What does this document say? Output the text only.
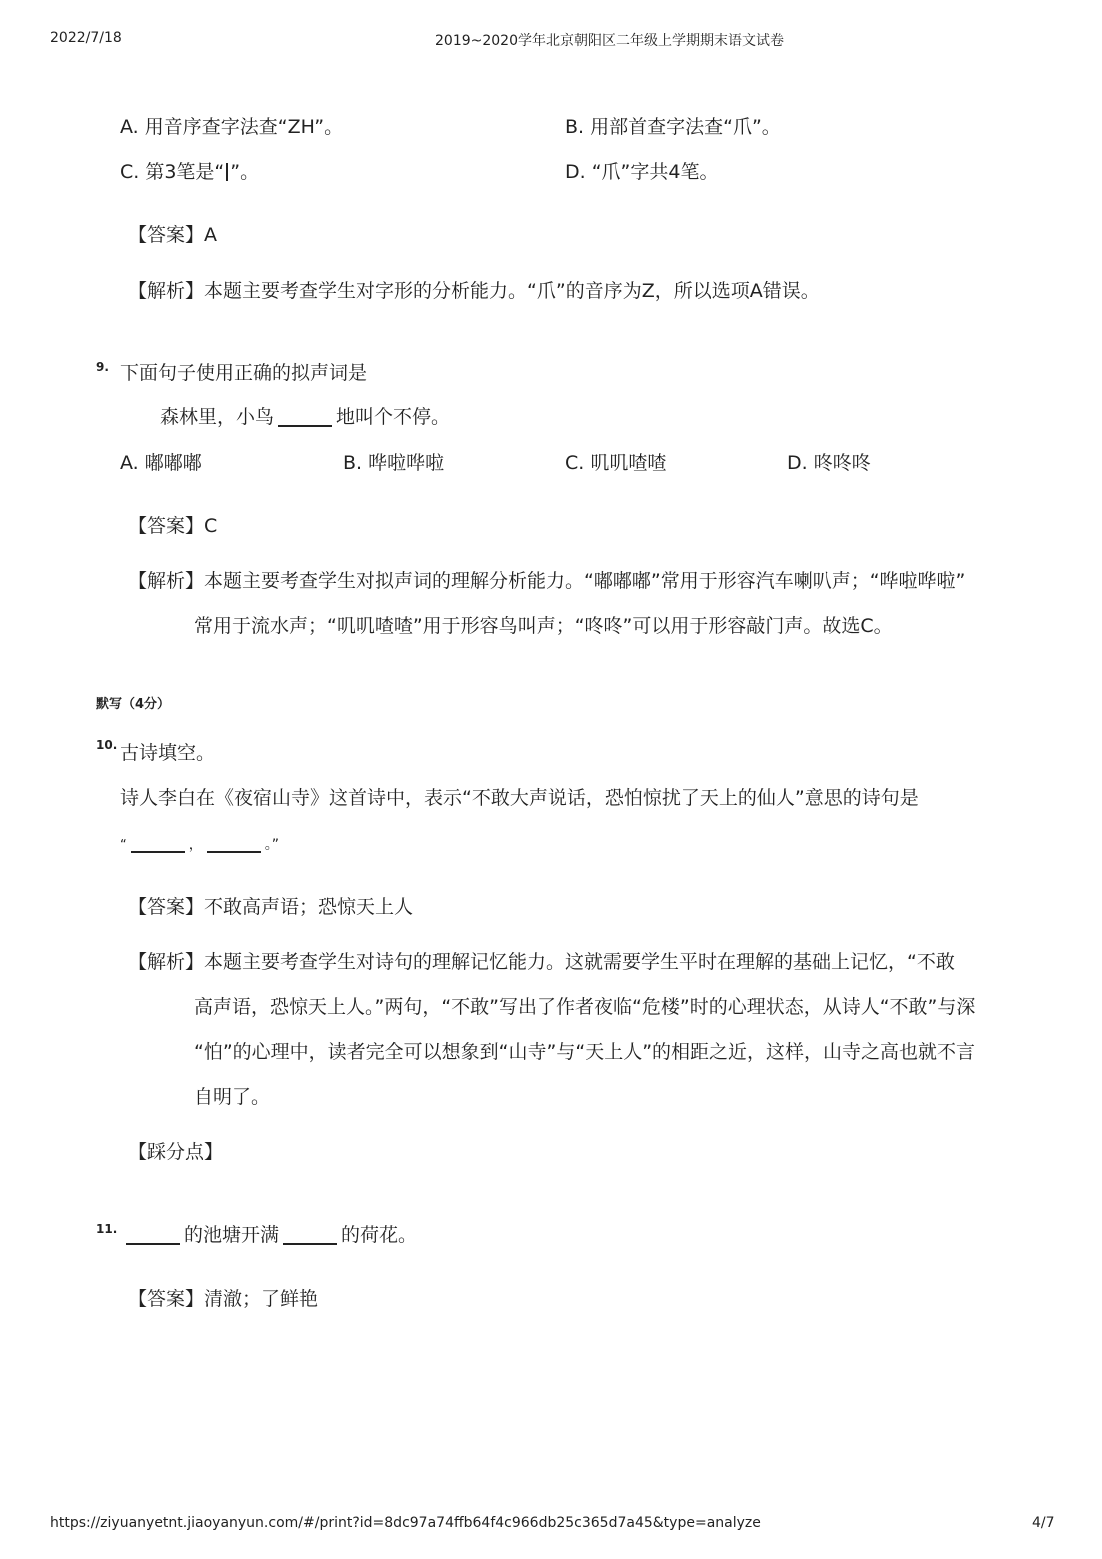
2022/7/18	2019~2020学年北京朝阳区二年级上学期期末语文试卷
A. 用音序查字法查“ZH”。	B. 用部首查字法查“爪”。
C. 第3笔是“ ”。	D. “爪”字共4笔。
【答案】A
【解析】本题主要考查学生对字形的分析能力。“爪”的音序为Z，所以选项A错误。
9. 下面句子使用正确的拟声词是
森林里，小鸟	地叫个不停。
A. 嘟嘟嘟	B. 哗啦哗啦	C. 叽叽喳喳	D. 咚咚咚
【答案】C
【解析】本题主要考查学生对拟声词的理解分析能力。“嘟嘟嘟”常用于形容汽车喇叭声；“哗啦哗啦”
常用于流水声；“叽叽喳喳”用于形容鸟叫声；“咚咚”可以用于形容敲门声。故选C。
默写（4分）
10. 古诗填空。
诗人李白在《夜宿山寺》这首诗中，表示“不敢大声说话，恐怕惊扰了天上的仙人”意思的诗句是
“	，	。”
【答案】不敢高声语；恐惊天上人
【解析】本题主要考查学生对诗句的理解记忆能力。这就需要学生平时在理解的基础上记忆，“不敢
高声语，恐惊天上人。”两句，“不敢”写出了作者夜临“危楼”时的心理状态，从诗人“不敢”与深
“怕”的心理中，读者完全可以想象到“山寺”与“天上人”的相距之近，这样，山寺之高也就不言
自明了。
【踩分点】
11.	的池塘开满	的荷花。
【答案】清澈；了鲜艳
https://ziyuanyetnt.jiaoyanyun.com/#/print?id=8dc97a74ffb64f4c966db25c365d7a45&type=analyze	4/7
